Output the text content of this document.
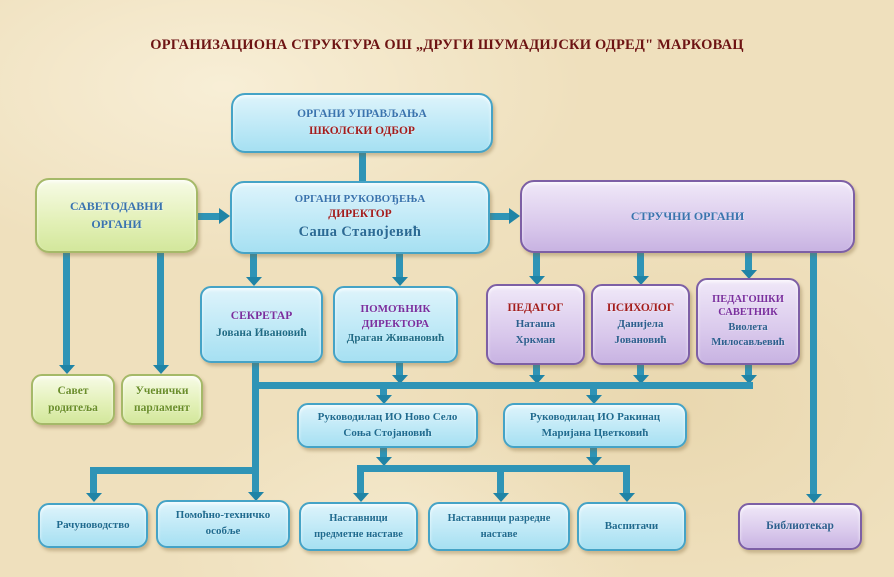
ОРГАНИЗАЦИОНА СТРУКТУРА ОШ „ДРУГИ ШУМАДИЈСКИ ОДРЕД" МАРКОВАЦ
ОРГАНИ УПРАВЉАЊА
ШКОЛСКИ ОДБОР
САВЕТОДАВНИ ОРГАНИ
ОРГАНИ РУКОВОЂЕЊА
ДИРЕКТОР
Саша Станојевић
СТРУЧНИ ОРГАНИ
СЕКРЕТАР
Јована Ивановић
ПОМОЋНИК ДИРЕКТОРА
Драган Живановић
ПЕДАГОГ
Наташа Хркман
ПСИХОЛОГ
Данијела Јовановић
ПЕДАГОШКИ САВЕТНИК
Виолета Милосављевић
Савет родитеља
Ученички парламент
Руководилац ИО Ново Село
Соња Стојановић
Руководилац ИО Ракинац
Маријана Цветковић
Рачуноводство
Помоћно-техничко особље
Наставници предметне наставе
Наставници разредне наставе
Васпитачи	Библиотекар
